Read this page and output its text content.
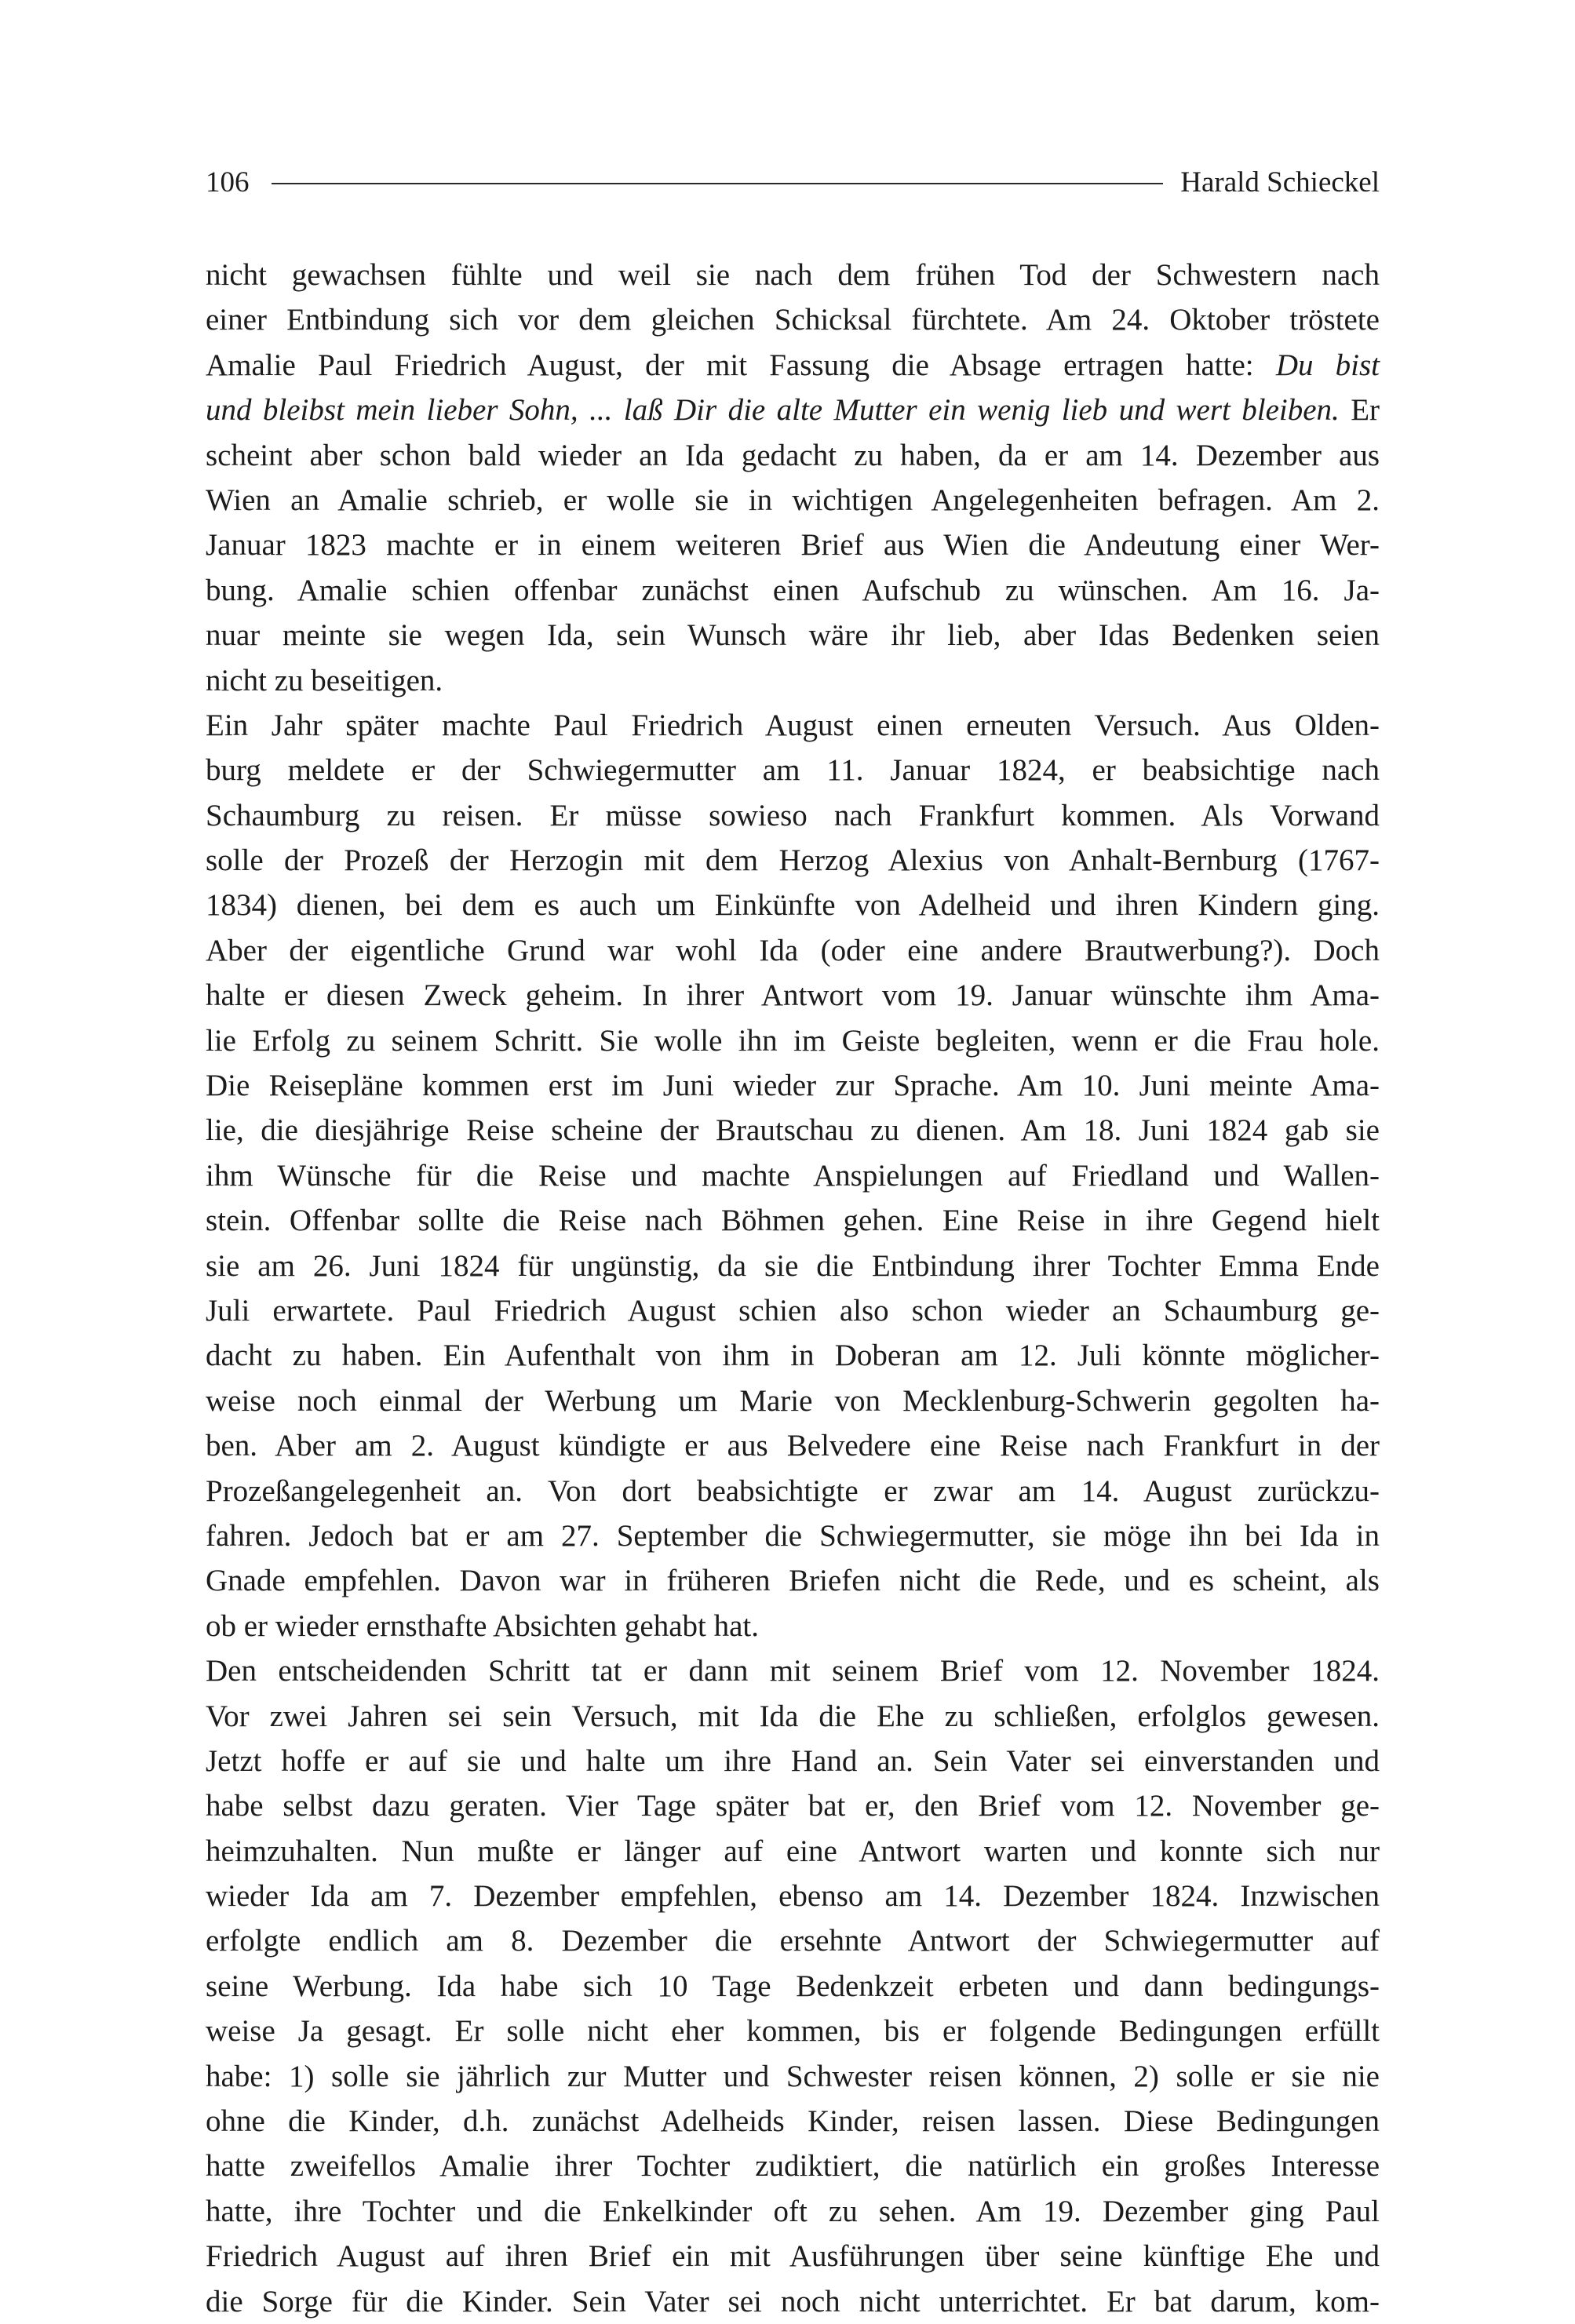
106	Harald Schieckel
nicht gewachsen fühlte und weil sie nach dem frühen Tod der Schwestern nach
einer Entbindung sich vor dem gleichen Schicksal fürchtete. Am 24. Oktober tröstete
Amalie Paul Friedrich August, der mit Fassung die Absage ertragen hatte: Du bist
und bleibst mein lieber Sohn, ... laß Dir die alte Mutter ein wenig lieb und wert bleiben. Er
scheint aber schon bald wieder an Ida gedacht zu haben, da er am 14. Dezember aus
Wien an Amalie schrieb, er wolle sie in wichtigen Angelegenheiten befragen. Am 2.
Januar 1823 machte er in einem weiteren Brief aus Wien die Andeutung einer Wer-
bung. Amalie schien offenbar zunächst einen Aufschub zu wünschen. Am 16. Ja-
nuar meinte sie wegen Ida, sein Wunsch wäre ihr lieb, aber Idas Bedenken seien
nicht zu beseitigen.
Ein Jahr später machte Paul Friedrich August einen erneuten Versuch. Aus Olden-
burg meldete er der Schwiegermutter am 11. Januar 1824, er beabsichtige nach
Schaumburg zu reisen. Er müsse sowieso nach Frankfurt kommen. Als Vorwand
solle der Prozeß der Herzogin mit dem Herzog Alexius von Anhalt-Bernburg (1767-
1834) dienen, bei dem es auch um Einkünfte von Adelheid und ihren Kindern ging.
Aber der eigentliche Grund war wohl Ida (oder eine andere Brautwerbung?). Doch
halte er diesen Zweck geheim. In ihrer Antwort vom 19. Januar wünschte ihm Ama-
lie Erfolg zu seinem Schritt. Sie wolle ihn im Geiste begleiten, wenn er die Frau hole.
Die Reisepläne kommen erst im Juni wieder zur Sprache. Am 10. Juni meinte Ama-
lie, die diesjährige Reise scheine der Brautschau zu dienen. Am 18. Juni 1824 gab sie
ihm Wünsche für die Reise und machte Anspielungen auf Friedland und Wallen-
stein. Offenbar sollte die Reise nach Böhmen gehen. Eine Reise in ihre Gegend hielt
sie am 26. Juni 1824 für ungünstig, da sie die Entbindung ihrer Tochter Emma Ende
Juli erwartete. Paul Friedrich August schien also schon wieder an Schaumburg ge-
dacht zu haben. Ein Aufenthalt von ihm in Doberan am 12. Juli könnte möglicher-
weise noch einmal der Werbung um Marie von Mecklenburg-Schwerin gegolten ha-
ben. Aber am 2. August kündigte er aus Belvedere eine Reise nach Frankfurt in der
Prozeßangelegenheit an. Von dort beabsichtigte er zwar am 14. August zurückzu-
fahren. Jedoch bat er am 27. September die Schwiegermutter, sie möge ihn bei Ida in
Gnade empfehlen. Davon war in früheren Briefen nicht die Rede, und es scheint, als
ob er wieder ernsthafte Absichten gehabt hat.
Den entscheidenden Schritt tat er dann mit seinem Brief vom 12. November 1824.
Vor zwei Jahren sei sein Versuch, mit Ida die Ehe zu schließen, erfolglos gewesen.
Jetzt hoffe er auf sie und halte um ihre Hand an. Sein Vater sei einverstanden und
habe selbst dazu geraten. Vier Tage später bat er, den Brief vom 12. November ge-
heimzuhalten. Nun mußte er länger auf eine Antwort warten und konnte sich nur
wieder Ida am 7. Dezember empfehlen, ebenso am 14. Dezember 1824. Inzwischen
erfolgte endlich am 8. Dezember die ersehnte Antwort der Schwiegermutter auf
seine Werbung. Ida habe sich 10 Tage Bedenkzeit erbeten und dann bedingungs-
weise Ja gesagt. Er solle nicht eher kommen, bis er folgende Bedingungen erfüllt
habe: 1) solle sie jährlich zur Mutter und Schwester reisen können, 2) solle er sie nie
ohne die Kinder, d.h. zunächst Adelheids Kinder, reisen lassen. Diese Bedingungen
hatte zweifellos Amalie ihrer Tochter zudiktiert, die natürlich ein großes Interesse
hatte, ihre Tochter und die Enkelkinder oft zu sehen. Am 19. Dezember ging Paul
Friedrich August auf ihren Brief ein mit Ausführungen über seine künftige Ehe und
die Sorge für die Kinder. Sein Vater sei noch nicht unterrichtet. Er bat darum, kom-
